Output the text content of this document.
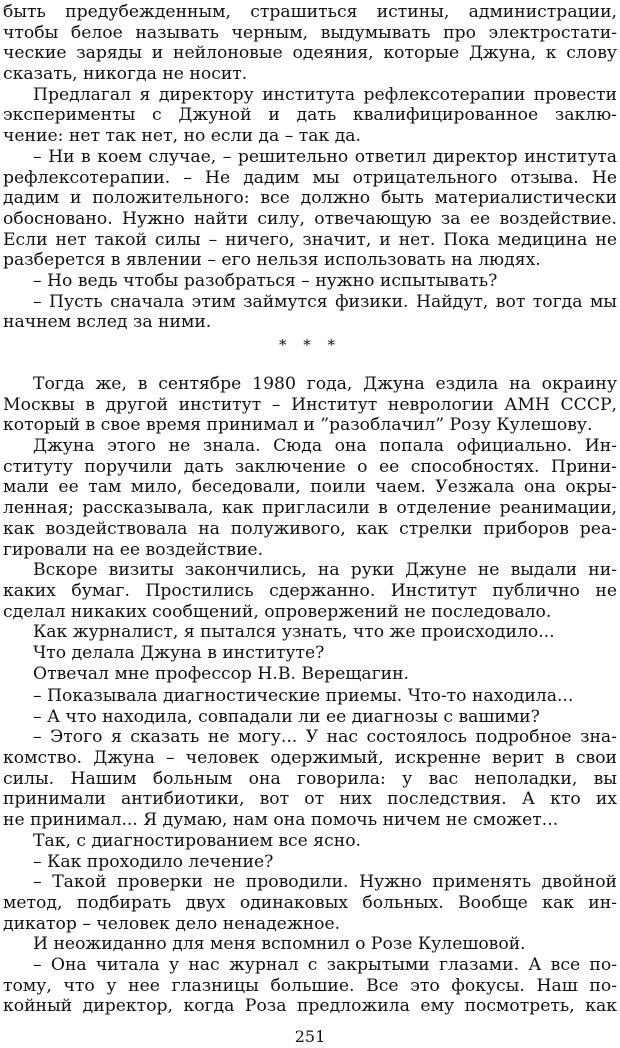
быть предубежденным, страшиться истины, администрации,
чтобы белое называть черным, выдумывать про электростати-
ческие заряды и нейлоновые одеяния, которые Джуна, к слову
сказать, никогда не носит.
Предлагал я директору института рефлексотерапии провести
эксперименты с Джуной и дать квалифицированное заклю-
чение: нет так нет, но если да – так да.
– Ни в коем случае, – решительно ответил директор института
рефлексотерапии. – Не дадим мы отрицательного отзыва. Не
дадим и положительного: все должно быть материалистически
обосновано. Нужно найти силу, отвечающую за ее воздействие.
Если нет такой силы – ничего, значит, и нет. Пока медицина не
разберется в явлении – его нельзя использовать на людях.
– Но ведь чтобы разобраться – нужно испытывать?
– Пусть сначала этим займутся физики. Найдут, вот тогда мы
начнем вслед за ними.
* * *
Тогда же, в сентябре 1980 года, Джуна ездила на окраину
Москвы в другой институт – Институт неврологии АМН СССР,
который в свое время принимал и ”разоблачил” Розу Кулешову.
Джуна этого не знала. Сюда она попала официально. Ин-
ституту поручили дать заключение о ее способностях. Прини-
мали ее там мило, беседовали, поили чаем. Уезжала она окры-
ленная; рассказывала, как пригласили в отделение реанимации,
как воздействовала на полуживого, как стрелки приборов реа-
гировали на ее воздействие.
Вскоре визиты закончились, на руки Джуне не выдали ни-
каких бумаг. Простились сдержанно. Институт публично не
сделал никаких сообщений, опровержений не последовало.
Как журналист, я пытался узнать, что же происходило...
Что делала Джуна в институте?
Отвечал мне профессор Н.В. Верещагин.
– Показывала диагностические приемы. Что-то находила...
– А что находила, совпадали ли ее диагнозы с вашими?
– Этого я сказать не могу... У нас состоялось подробное зна-
комство. Джуна – человек одержимый, искренне верит в свои
силы. Нашим больным она говорила: у вас неполадки, вы
принимали антибиотики, вот от них последствия. А кто их
не принимал... Я думаю, нам она помочь ничем не сможет...
Так, с диагностированием все ясно.
– Как проходило лечение?
– Такой проверки не проводили. Нужно применять двойной
метод, подбирать двух одинаковых больных. Вообще как ин-
дикатор – человек дело ненадежное.
И неожиданно для меня вспомнил о Розе Кулешовой.
– Она читала у нас журнал с закрытыми глазами. А все по-
тому, что у нее глазницы большие. Все это фокусы. Наш по-
койный директор, когда Роза предложила ему посмотреть, как
251
